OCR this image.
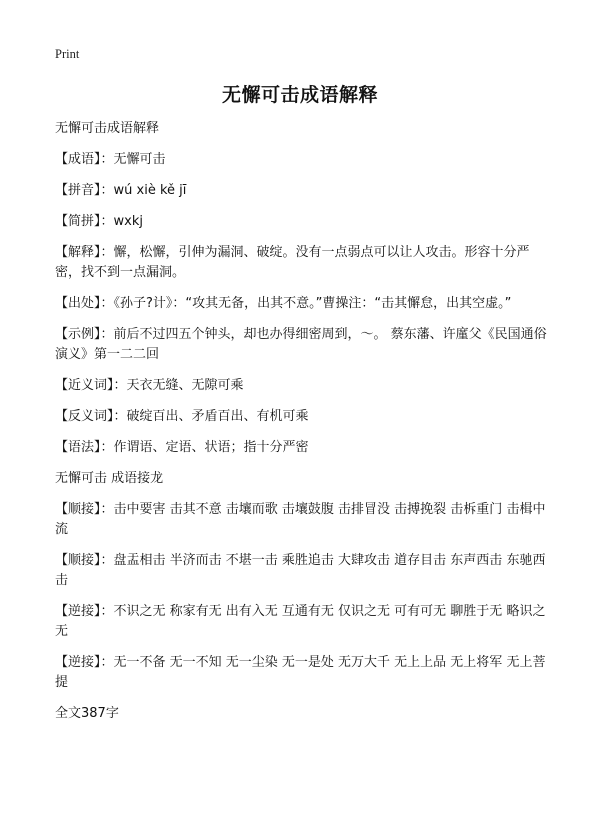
Print
无懈可击成语解释
无懈可击成语解释
【成语】：无懈可击
【拼音】：wú xiè kě jī
【简拼】：wxkj
【解释】：懈，松懈，引伸为漏洞、破绽。没有一点弱点可以让人攻击。形容十分严密，找不到一点漏洞。
【出处】：《孙子?计》：“攻其无备，出其不意。”曹操注：“击其懈怠，出其空虚。”
【示例】：前后不过四五个钟头，却也办得细密周到，～。 蔡东藩、许廑父《民国通俗演义》第一二二回
【近义词】：天衣无缝、无隙可乘
【反义词】：破绽百出、矛盾百出、有机可乘
【语法】：作谓语、定语、状语；指十分严密
无懈可击 成语接龙
【顺接】：击中要害 击其不意 击壤而歌 击壤鼓腹 击排冒没 击搏挽裂 击柝重门 击楫中流
【顺接】：盘盂相击 半济而击 不堪一击 乘胜追击 大肆攻击 道存目击 东声西击 东驰西击
【逆接】：不识之无 称家有无 出有入无 互通有无 仅识之无 可有可无 聊胜于无 略识之无
【逆接】：无一不备 无一不知 无一尘染 无一是处 无万大千 无上上品 无上将军 无上菩提
全文387字
